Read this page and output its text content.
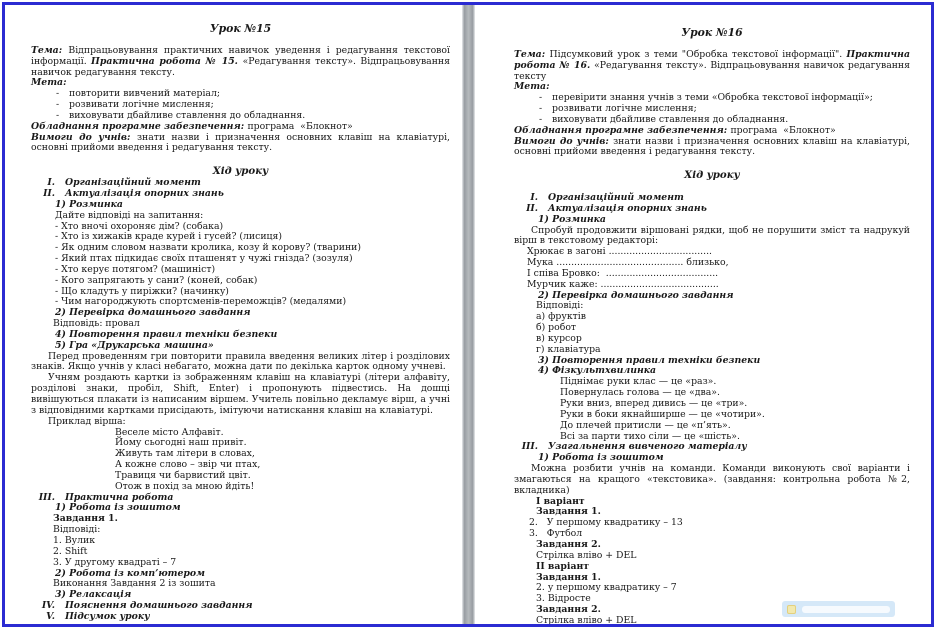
Урок №15
Тема: Відпрацьовування практичних навичок уведення і редагування текстової інформації. Практична робота № 15. «Редагування тексту». Відпрацьовування навичок редагування тексту.
Мета:
- повторити вивчений матеріал;
- розвивати логічне мислення;
- виховувати дбайливе ставлення до обладнання.
Обладнання програмне забезпечення: програма  «Блокнот»
Вимоги до учнів: знати назви і призначення основних клавіш на клавіатурі, основні прийоми введення і редагування тексту.
Хід уроку
I. Організаційний момент
II. Актуалізація опорних знань
1) Розминка
Дайте відповіді на запитання:
- Хто вночі охороняє дім? (собака)
- Хто із хижаків краде курей і гусей? (лисиця)
- Як одним словом назвати кролика, козу й корову? (тварини)
- Який птах підкидає своїх пташенят у чужі гнізда? (зозуля)
- Хто керує потягом? (машиніст)
- Кого запрягають у сани? (коней, собак)
- Що кладуть у пиріжки? (начинку)
- Чим нагороджують спортсменів-переможців? (медалями)
2) Перевірка домашнього завдання
Відповідь: провал
4) Повторення правил техніки безпеки
5) Гра «Друкарська машина»
Перед проведенням гри повторити правила введення великих літер і розділових знаків. Якщо учнів у класі небагато, можна дати по декілька карток одному учневі.
Учням роздають картки із зображенням клавіш на клавіатурі (літери алфавіту, розділові знаки, пробіл, Shift, Enter) і пропонують підвестись. На дошці вивішуються плакати із написаним віршем. Учитель повільно декламує вірш, а учні з відповідними картками присідають, імітуючи натискання клавіш на клавіатурі.
Приклад вірша:
Веселе місто Алфавіт.
Йому сьогодні наш привіт.
Живуть там літери в словах,
А кожне слово – звір чи птах,
Травиця чи барвистий цвіт.
Отож в похід за мною йдіть!
III. Практична робота
1) Робота із зошитом
Завдання 1.
Відповіді:
1. Вулик
2. Shift
3. У другому квадраті – 7
2) Робота із комп’ютером
Виконання Завдання 2 із зошита
3) Релаксація
IV. Пояснення домашнього завдання
V. Підсумок уроку
Урок №16
Тема: Підсумковий урок з теми "Обробка текстової інформації". Практична робота № 16. «Редагування тексту». Відпрацьовування навичок редагування тексту
Мета:
- перевірити знання учнів з теми «Обробка текстової інформації»;
- розвивати логічне мислення;
- виховувати дбайливе ставлення до обладнання.
Обладнання програмне забезпечення: програма  «Блокнот»
Вимоги до учнів: знати назви і призначення основних клавіш на клавіатурі, основні прийоми введення і редагування тексту.
Хід уроку
I. Організаційний момент
II. Актуалізація опорних знань
1) Розминка
Спробуй продовжити віршовані рядки, щоб не порушити зміст та надрукуй вірш в текстовому редакторі:
Хрюкає в загоні ...................................
Мука ........................................... близько,
І співа Бровко:  ......................................
Мурчик каже: ........................................
2) Перевірка домашнього завдання
Відповіді:
а) фруктів
б) робот
в) курсор
г) клавіатура
3) Повторення правил техніки безпеки
4) Фізкультхвилинка
Піднімає руки клас — це «раз».
Повернулась голова — це «два».
Руки вниз, вперед дивись — це «три».
Руки в боки якнайширше — це «чотири».
До плечей притисли — це «п’ять».
Всі за парти тихо сіли — це «шість».
III. Узагальнення вивченого матеріалу
1) Робота із зошитом
Можна розбити учнів на команди. Команди виконують свої варіанти і змагаються на кращого «текстовика». (завдання: контрольна робота №2, вкладника)
I варіант
Завдання 1.
2.   У першому квадратику – 13
3.   Футбол
Завдання 2.
Стрілка вліво + DEL
II варіант
Завдання 1.
2. у першому квадратику – 7
3. Відросте
Завдання 2.
Стрілка вліво + DEL
